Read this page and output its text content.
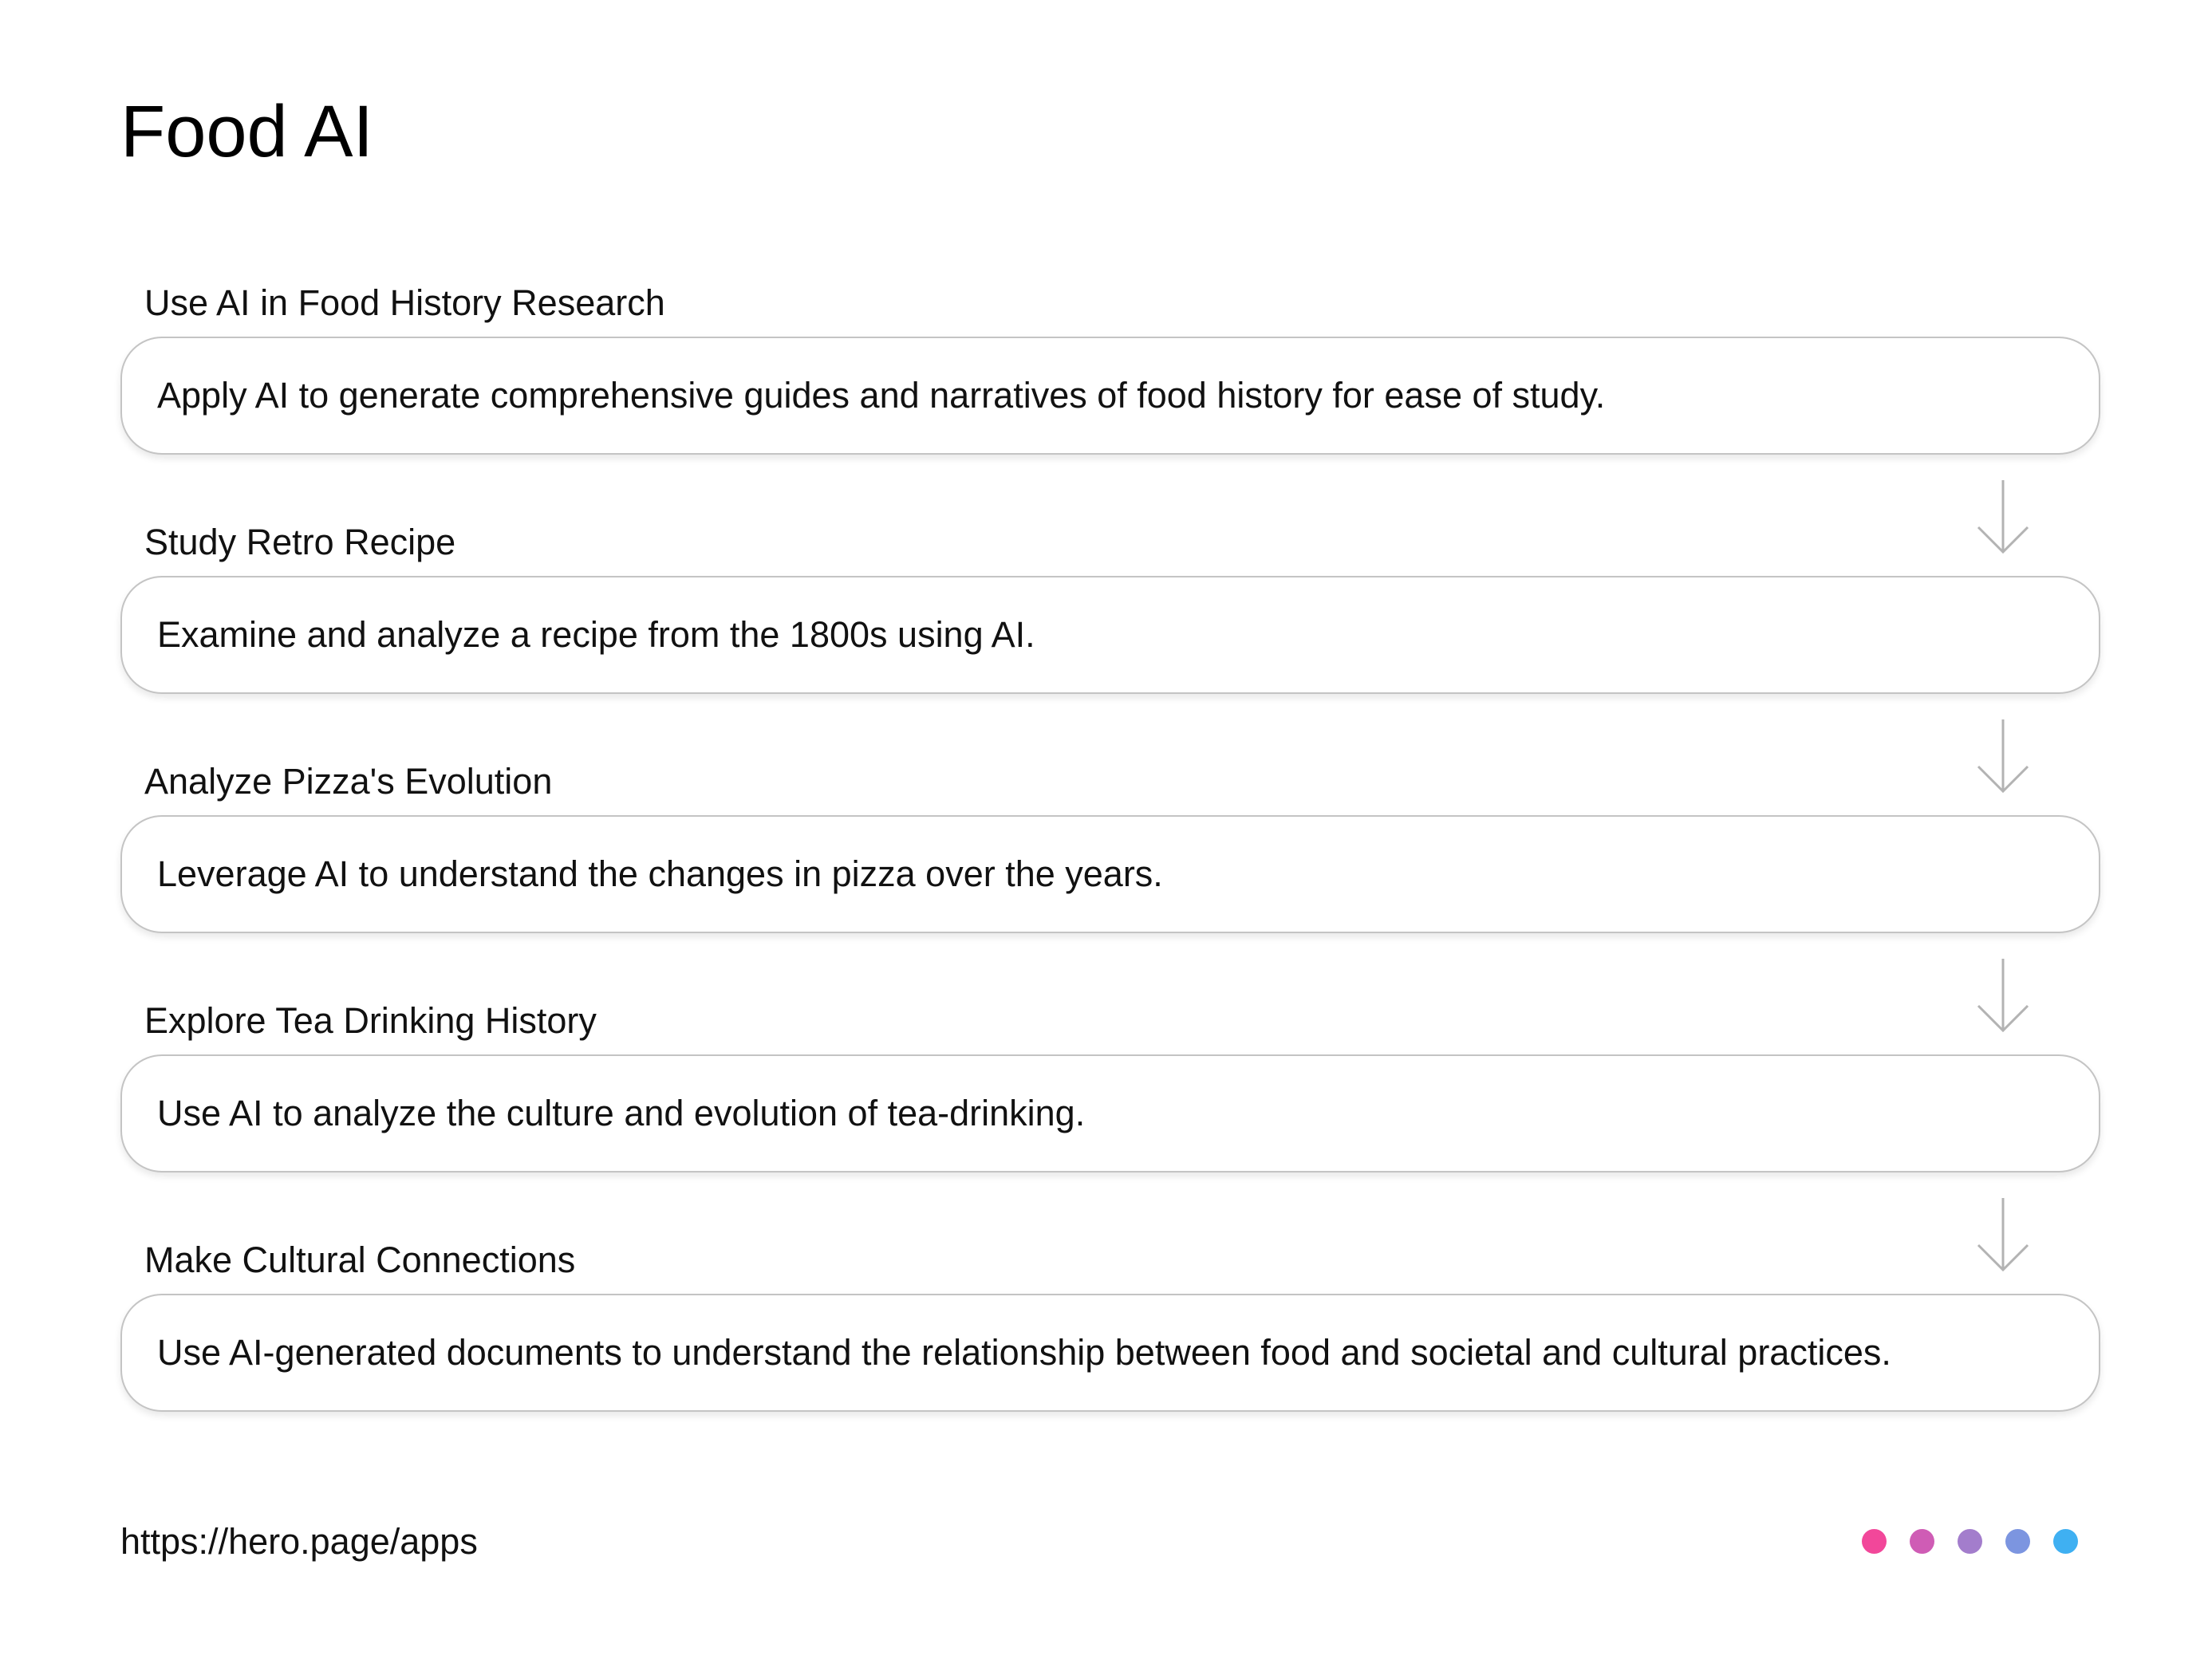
Food AI
Use AI in Food History Research
Apply AI to generate comprehensive guides and narratives of food history for ease of study.
Study Retro Recipe
Examine and analyze a recipe from the 1800s using AI.
Analyze Pizza's Evolution
Leverage AI to understand the changes in pizza over the years.
Explore Tea Drinking History
Use AI to analyze the culture and evolution of tea-drinking.
Make Cultural Connections
Use AI-generated documents to understand the relationship between food and societal and cultural practices.
https://hero.page/apps
